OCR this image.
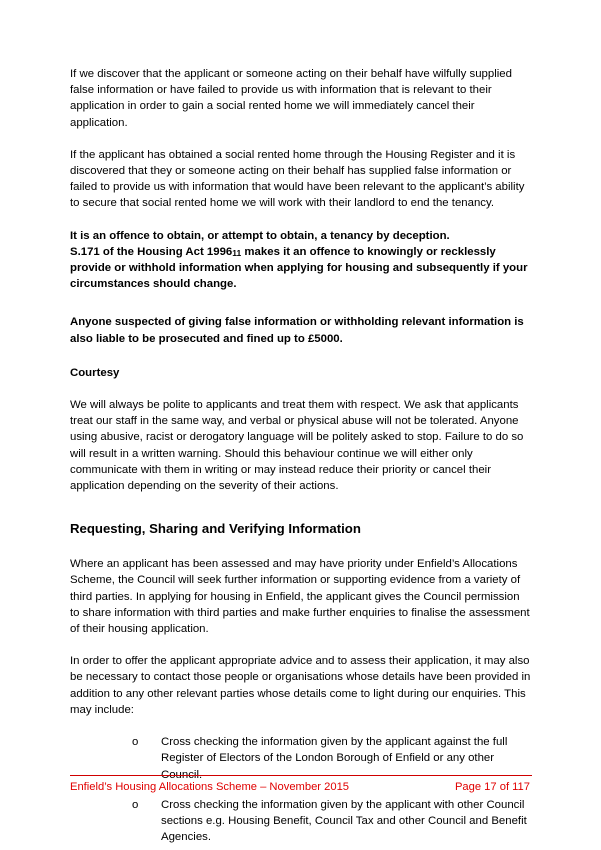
If we discover that the applicant or someone acting on their behalf have wilfully supplied false information or have failed to provide us with information that is relevant to their application in order to gain a social rented home we will immediately cancel their application.

If the applicant has obtained a social rented home through the Housing Register and it is discovered that they or someone acting on their behalf has supplied false information or failed to provide us with information that would have been relevant to the applicant’s ability to secure that social rented home we will work with their landlord to end the tenancy.

It is an offence to obtain, or attempt to obtain, a tenancy by deception.

S.171 of the Housing Act $1996_{11}$ makes it an offence to knowingly or recklessly provide or withhold information when applying for housing and subsequently if your circumstances should change.

Anyone suspected of giving false information or withholding relevant information is also liable to be prosecuted and fined up to £5000.

Courtesy

We will always be polite to applicants and treat them with respect. We ask that applicants treat our staff in the same way, and verbal or physical abuse will not be tolerated. Anyone using abusive, racist or derogatory language will be politely asked to stop. Failure to do so will result in a written warning. Should this behaviour continue we will either only communicate with them in writing or may instead reduce their priority or cancel their application depending on the severity of their actions.

Requesting, Sharing and Verifying Information

Where an applicant has been assessed and may have priority under Enfield’s Allocations Scheme, the Council will seek further information or supporting evidence from a variety of third parties. In applying for housing in Enfield, the applicant gives the Council permission to share information with third parties and make further enquiries to finalise the assessment of their housing application.

In order to offer the applicant appropriate advice and to assess their application, it may also be necessary to contact those people or organisations whose details have been provided in addition to any other relevant parties whose details come to light during our enquiries. This may include:

o Cross checking the information given by the applicant against the full Register of Electors of the London Borough of Enfield or any other Council.
o Cross checking the information given by the applicant with other Council sections e.g. Housing Benefit, Council Tax and other Council and Benefit Agencies.
Enfield’s Housing Allocations Scheme – November 2015	Page 17 of 117
